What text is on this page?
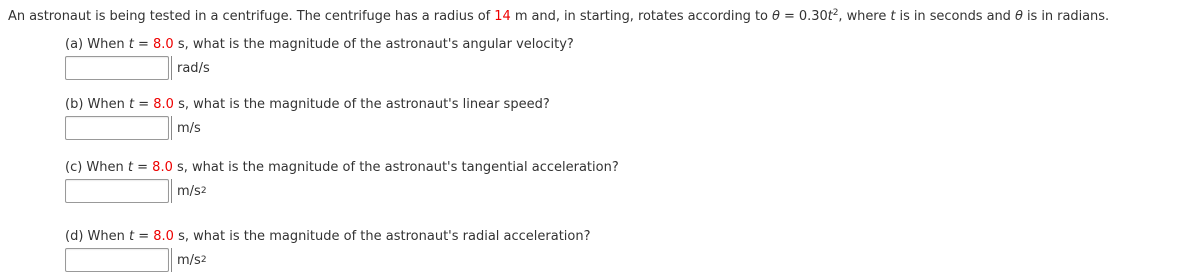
An astronaut is being tested in a centrifuge. The centrifuge has a radius of 14 m and, in starting, rotates according to $\theta = 0.30t^2$, where t is in seconds and θ is in radians.
(a) When t = 8.0 s, what is the magnitude of the astronaut's angular velocity?
rad/s
(b) When t = 8.0 s, what is the magnitude of the astronaut's linear speed?
m/s
(c) When t = 8.0 s, what is the magnitude of the astronaut's tangential acceleration?
m/s 2
(d) When t = 8.0 s, what is the magnitude of the astronaut's radial acceleration?
m/s 2
